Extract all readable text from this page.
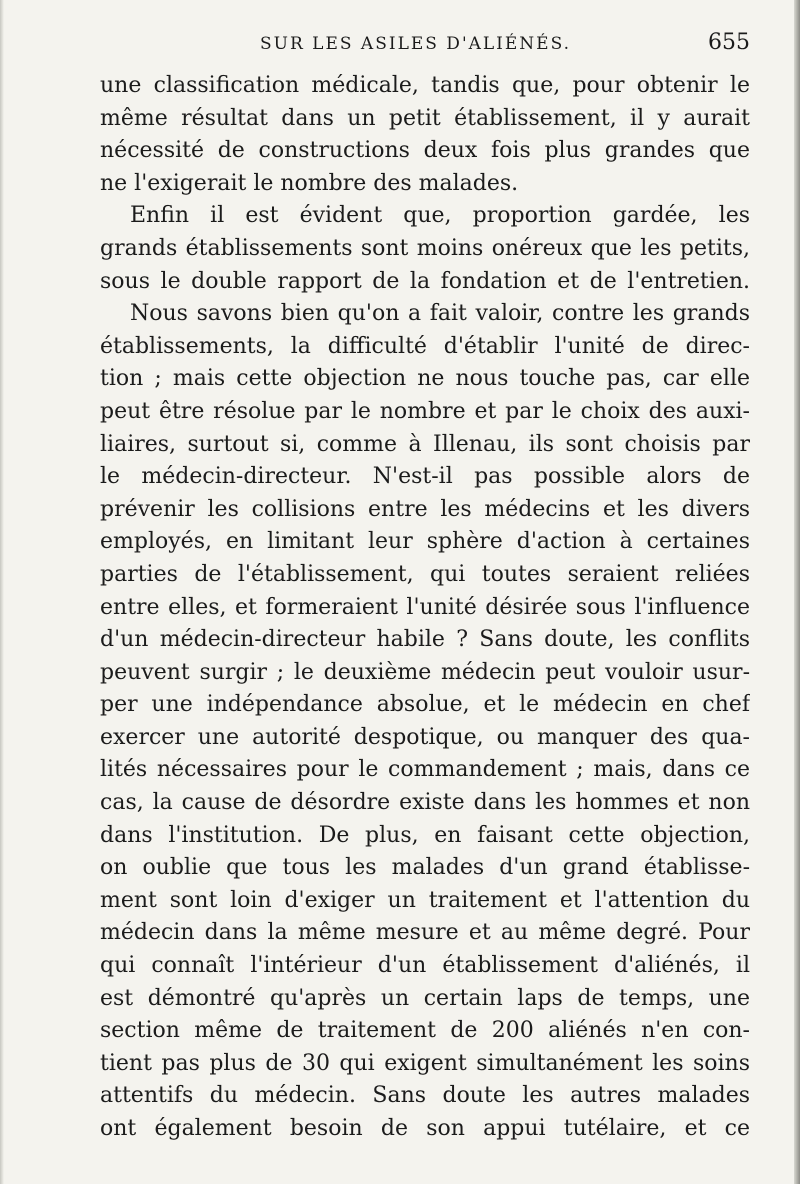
SUR LES ASILES D'ALIÉNÉS.	655
une classification médicale, tandis que, pour obtenir le
même résultat dans un petit établissement, il y aurait
nécessité de constructions deux fois plus grandes que
ne l'exigerait le nombre des malades.
Enfin il est évident que, proportion gardée, les
grands établissements sont moins onéreux que les petits,
sous le double rapport de la fondation et de l'entretien.
Nous savons bien qu'on a fait valoir, contre les grands
établissements, la difficulté d'établir l'unité de direc-
tion ; mais cette objection ne nous touche pas, car elle
peut être résolue par le nombre et par le choix des auxi-
liaires, surtout si, comme à Illenau, ils sont choisis par
le médecin-directeur. N'est-il pas possible alors de
prévenir les collisions entre les médecins et les divers
employés, en limitant leur sphère d'action à certaines
parties de l'établissement, qui toutes seraient reliées
entre elles, et formeraient l'unité désirée sous l'influence
d'un médecin-directeur habile ? Sans doute, les conflits
peuvent surgir ; le deuxième médecin peut vouloir usur-
per une indépendance absolue, et le médecin en chef
exercer une autorité despotique, ou manquer des qua-
lités nécessaires pour le commandement ; mais, dans ce
cas, la cause de désordre existe dans les hommes et non
dans l'institution. De plus, en faisant cette objection,
on oublie que tous les malades d'un grand établisse-
ment sont loin d'exiger un traitement et l'attention du
médecin dans la même mesure et au même degré. Pour
qui connaît l'intérieur d'un établissement d'aliénés, il
est démontré qu'après un certain laps de temps, une
section même de traitement de 200 aliénés n'en con-
tient pas plus de 30 qui exigent simultanément les soins
attentifs du médecin. Sans doute les autres malades
ont également besoin de son appui tutélaire, et ce
